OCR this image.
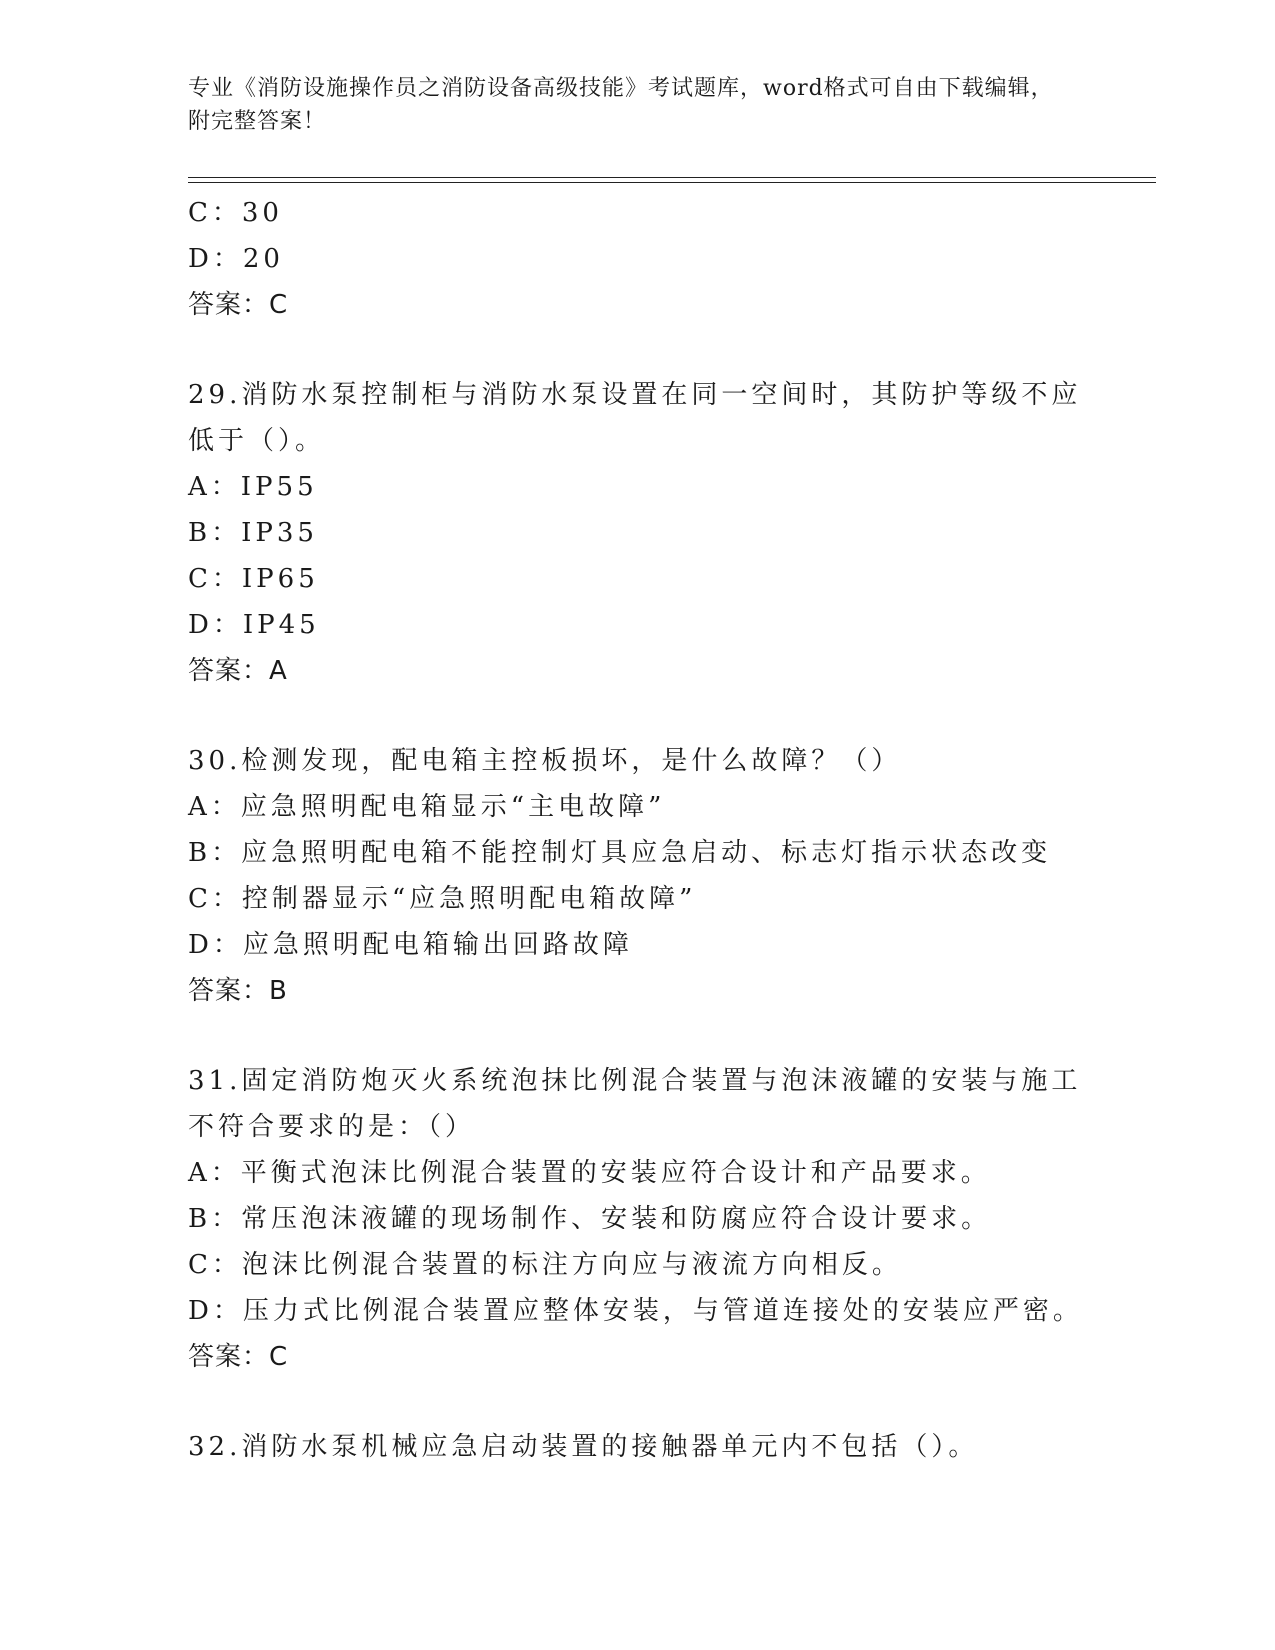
专业《消防设施操作员之消防设备高级技能》考试题库，word格式可自由下载编辑，附完整答案！
C：30
D：20
答案：C
29.消防水泵控制柜与消防水泵设置在同一空间时，其防护等级不应低于（）。
A：IP55
B：IP35
C：IP65
D：IP45
答案：A
30.检测发现，配电箱主控板损坏，是什么故障？（）
A：应急照明配电箱显示“主电故障”
B：应急照明配电箱不能控制灯具应急启动、标志灯指示状态改变
C：控制器显示“应急照明配电箱故障”
D：应急照明配电箱输出回路故障
答案：B
31.固定消防炮灭火系统泡抹比例混合装置与泡沫液罐的安装与施工不符合要求的是：（）
A：平衡式泡沫比例混合装置的安装应符合设计和产品要求。
B：常压泡沫液罐的现场制作、安装和防腐应符合设计要求。
C：泡沫比例混合装置的标注方向应与液流方向相反。
D：压力式比例混合装置应整体安装，与管道连接处的安装应严密。
答案：C
32.消防水泵机械应急启动装置的接触器单元内不包括（）。
